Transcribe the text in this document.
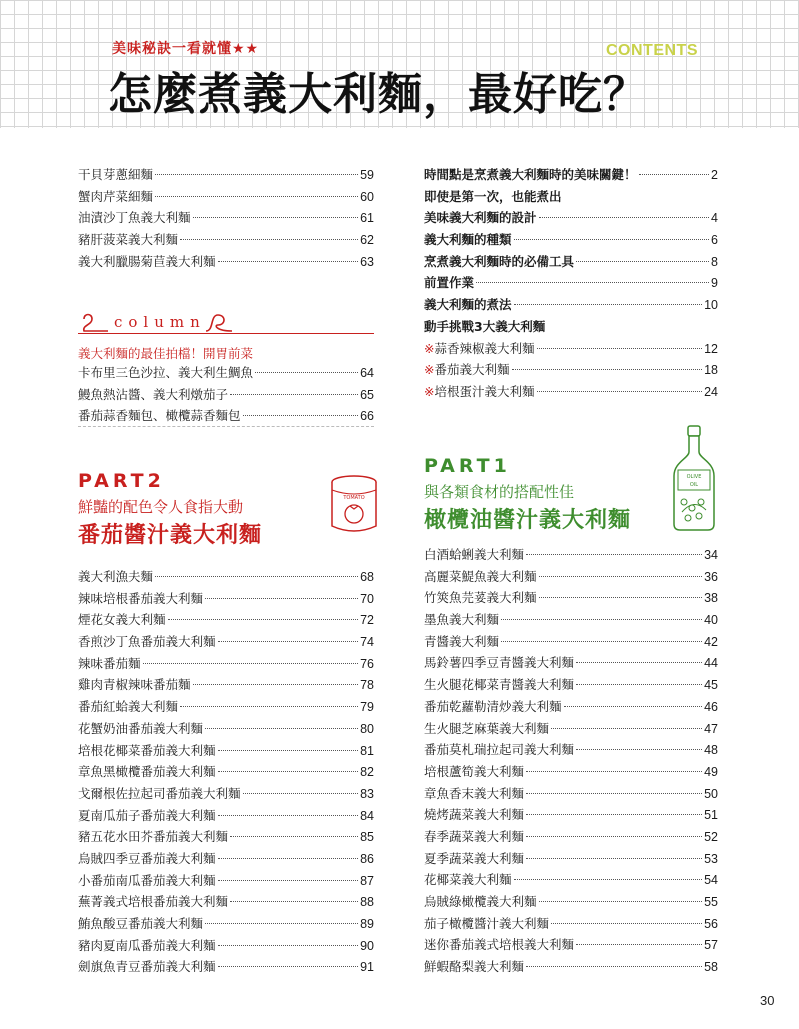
美味秘訣一看就懂★★	CONTENTS
怎麼煮義大利麵，最好吃？
時間點是烹煮義大利麵時的美味關鍵！	2
即使是第一次，也能煮出
美味義大利麵的設計	4
義大利麵的種類	6
烹煮義大利麵時的必備工具	8
前置作業	9
義大利麵的煮法	10
動手挑戰3大義大利麵
※蒜香辣椒義大利麵	12
※番茄義大利麵	18
※培根蛋汁義大利麵	24
干貝芽蔥細麵	59
蟹肉芹菜細麵	60
油漬沙丁魚義大利麵	61
豬肝菠菜義大利麵	62
義大利臘腸菊苣義大利麵	63
column
義大利麵的最佳拍檔！開胃前菜
卡布里三色沙拉、義大利生鯛魚	64
鰻魚熱沾醬、義大利燉茄子	65
番茄蒜香麵包、橄欖蒜香麵包	66
PART1
與各類食材的搭配性佳
橄欖油醬汁義大利麵
OLIVE
OIL
白酒蛤蜊義大利麵	34
高麗菜鯷魚義大利麵	36
竹筴魚芫荽義大利麵	38
墨魚義大利麵	40
青醬義大利麵	42
馬鈴薯四季豆青醬義大利麵	44
生火腿花椰菜青醬義大利麵	45
番茄乾蘿勒清炒義大利麵	46
生火腿芝麻葉義大利麵	47
番茄莫札瑞拉起司義大利麵	48
培根蘆筍義大利麵	49
章魚香末義大利麵	50
燒烤蔬菜義大利麵	51
春季蔬菜義大利麵	52
夏季蔬菜義大利麵	53
花椰菜義大利麵	54
烏賊綠橄欖義大利麵	55
茄子橄欖醬汁義大利麵	56
迷你番茄義式培根義大利麵	57
鮮蝦酪梨義大利麵	58
PART2
鮮豔的配色令人食指大動
番茄醬汁義大利麵
TOMATO
義大利漁夫麵	68
辣味培根番茄義大利麵	70
煙花女義大利麵	72
香煎沙丁魚番茄義大利麵	74
辣味番茄麵	76
雞肉青椒辣味番茄麵	78
番茄紅蛤義大利麵	79
花蟹奶油番茄義大利麵	80
培根花椰菜番茄義大利麵	81
章魚黑橄欖番茄義大利麵	82
戈爾根佐拉起司番茄義大利麵	83
夏南瓜茄子番茄義大利麵	84
豬五花水田芥番茄義大利麵	85
烏賊四季豆番茄義大利麵	86
小番茄南瓜番茄義大利麵	87
蕪菁義式培根番茄義大利麵	88
鮪魚酸豆番茄義大利麵	89
豬肉夏南瓜番茄義大利麵	90
劍旗魚青豆番茄義大利麵	91
30
